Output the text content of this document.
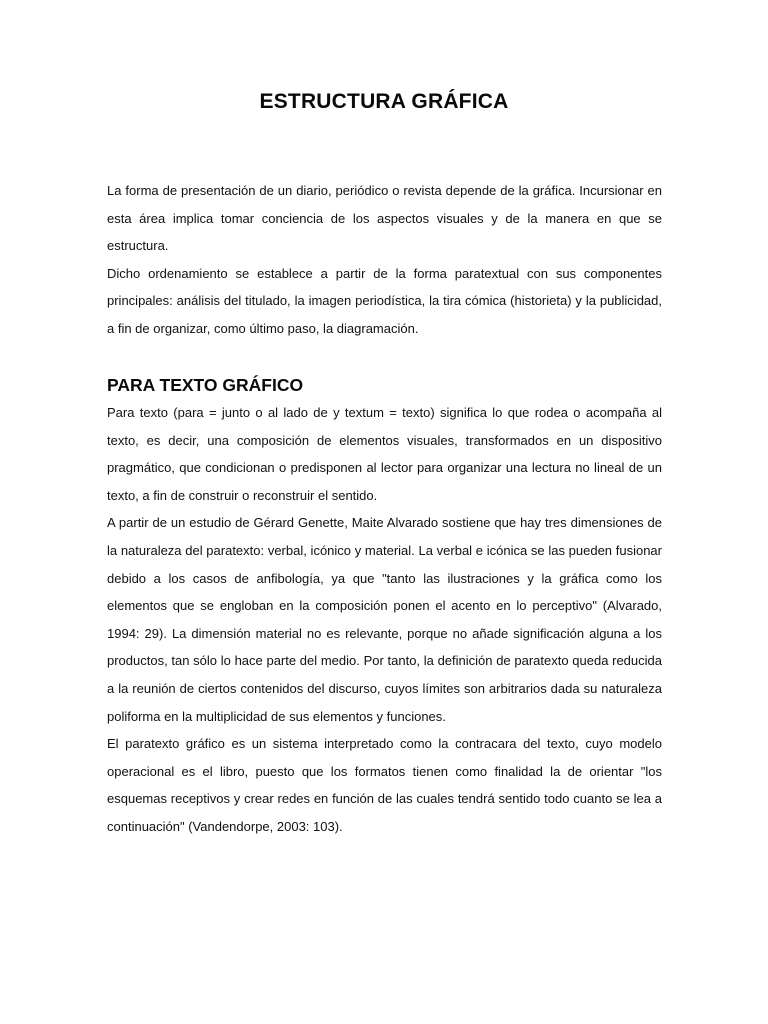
ESTRUCTURA GRÁFICA

La forma de presentación de un diario, periódico o revista depende de la gráfica. Incursionar en esta área implica tomar conciencia de los aspectos visuales y de la manera en que se estructura.

Dicho ordenamiento se establece a partir de la forma paratextual con sus componentes principales: análisis del titulado, la imagen periodística, la tira cómica (historieta) y la publicidad, a fin de organizar, como último paso, la diagramación.

PARA TEXTO GRÁFICO

Para texto (para = junto o al lado de y textum = texto) significa lo que rodea o acompaña al texto, es decir, una composición de elementos visuales, transformados en un dispositivo pragmático, que condicionan o predisponen al lector para organizar una lectura no lineal de un texto, a fin de construir o reconstruir el sentido.

A partir de un estudio de Gérard Genette, Maite Alvarado sostiene que hay tres dimensiones de la naturaleza del paratexto: verbal, icónico y material. La verbal e icónica se las pueden fusionar debido a los casos de anfibología, ya que "tanto las ilustraciones y la gráfica como los elementos que se engloban en la composición ponen el acento en lo perceptivo" (Alvarado, 1994: 29). La dimensión material no es relevante, porque no añade significación alguna a los productos, tan sólo lo hace parte del medio. Por tanto, la definición de paratexto queda reducida a la reunión de ciertos contenidos del discurso, cuyos límites son arbitrarios dada su naturaleza poliforma en la multiplicidad de sus elementos y funciones.

El paratexto gráfico es un sistema interpretado como la contracara del texto, cuyo modelo operacional es el libro, puesto que los formatos tienen como finalidad la de orientar "los esquemas receptivos y crear redes en función de las cuales tendrá sentido todo cuanto se lea a continuación" (Vandendorpe, 2003: 103).
